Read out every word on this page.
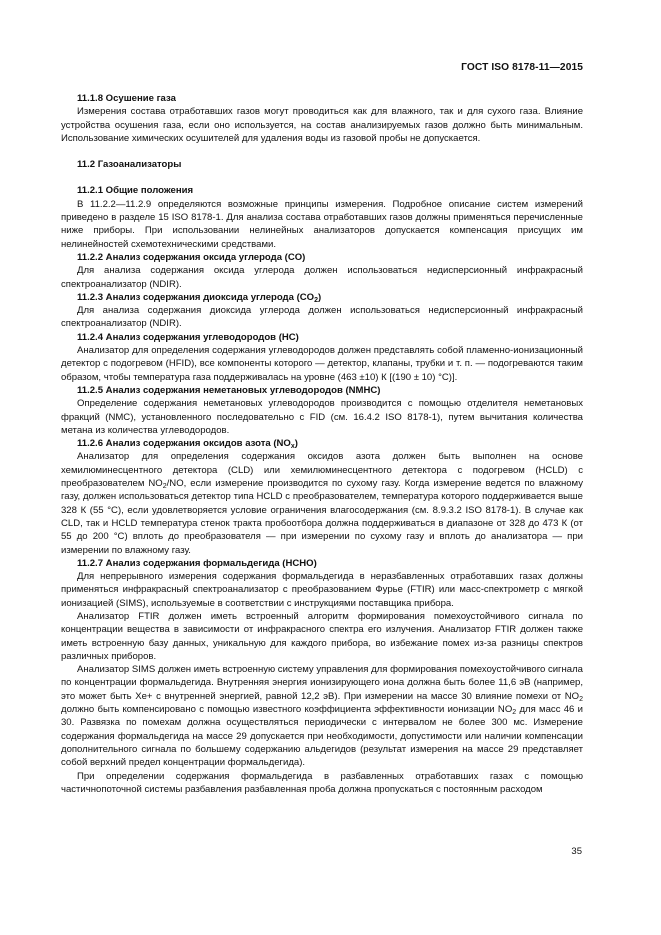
ГОСТ ISO 8178-11—2015
11.1.8 Осушение газа
Измерения состава отработавших газов могут проводиться как для влажного, так и для сухого газа. Влияние устройства осушения газа, если оно используется, на состав анализируемых газов должно быть минимальным. Использование химических осушителей для удаления воды из газовой пробы не допускается.
11.2 Газоанализаторы
11.2.1 Общие положения
В 11.2.2—11.2.9 определяются возможные принципы измерения. Подробное описание систем измерений приведено в разделе 15 ISO 8178-1. Для анализа состава отработавших газов должны применяться перечисленные ниже приборы. При использовании нелинейных анализаторов допускается компенсация присущих им нелинейностей схемотехническими средствами.
11.2.2 Анализ содержания оксида углерода (CO)
Для анализа содержания оксида углерода должен использоваться недисперсионный инфракрасный спектроанализатор (NDIR).
11.2.3 Анализ содержания диоксида углерода $(CO_2)$
Для анализа содержания диоксида углерода должен использоваться недисперсионный инфракрасный спектроанализатор (NDIR).
11.2.4 Анализ содержания углеводородов (HC)
Анализатор для определения содержания углеводородов должен представлять собой пламенно-ионизационный детектор с подогревом (HFID), все компоненты которого — детектор, клапаны, трубки и т. п. — подогреваются таким образом, чтобы температура газа поддерживалась на уровне (463 ±10) К [(190 ± 10) °C)].
11.2.5 Анализ содержания неметановых углеводородов (NMHC)
Определение содержания неметановых углеводородов производится с помощью отделителя неметановых фракций (NMC), установленного последовательно с FID (см. 16.4.2 ISO 8178-1), путем вычитания количества метана из количества углеводородов.
11.2.6 Анализ содержания оксидов азота $(NO_x)$
Анализатор для определения содержания оксидов азота должен быть выполнен на основе хемилюминесцентного детектора (CLD) или хемилюминесцентного детектора с подогревом (HCLD) с преобразователем $NO_2/NO$, если измерение производится по сухому газу. Когда измерение ведется по влажному газу, должен использоваться детектор типа HCLD с преобразователем, температура которого поддерживается выше 328 К (55 °C), если удовлетворяется условие ограничения влагосодержания (см. 8.9.3.2 ISO 8178-1). В случае как CLD, так и HCLD температура стенок тракта пробоотбора должна поддерживаться в диапазоне от 328 до 473 К (от 55 до 200 °C) вплоть до преобразователя — при измерении по сухому газу и вплоть до анализатора — при измерении по влажному газу.
11.2.7 Анализ содержания формальдегида (HCHO)
Для непрерывного измерения содержания формальдегида в неразбавленных отработавших газах должны применяться инфракрасный спектроанализатор с преобразованием Фурье (FTIR) или масс-спектрометр с мягкой ионизацией (SIMS), используемые в соответствии с инструкциями поставщика прибора.
Анализатор FTIR должен иметь встроенный алгоритм формирования помехоустойчивого сигнала по концентрации вещества в зависимости от инфракрасного спектра его излучения. Анализатор FTIR должен также иметь встроенную базу данных, уникальную для каждого прибора, во избежание помех из-за разницы спектров различных приборов.
Анализатор SIMS должен иметь встроенную систему управления для формирования помехоустойчивого сигнала по концентрации формальдегида. Внутренняя энергия ионизирующего иона должна быть более 11,6 эВ (например, это может быть Xe+ с внутренней энергией, равной 12,2 эВ). При измерении на массе 30 влияние помехи от $NO_2$ должно быть компенсировано с помощью известного коэффициента эффективности ионизации $NO_2$ для масс 46 и 30. Развязка по помехам должна осуществляться периодически с интервалом не более 300 мс. Измерение содержания формальдегида на массе 29 допускается при необходимости, допустимости или наличии компенсации дополнительного сигнала по большему содержанию альдегидов (результат измерения на массе 29 представляет собой верхний предел концентрации формальдегида).
При определении содержания формальдегида в разбавленных отработавших газах с помощью частичнопоточной системы разбавления разбавленная проба должна пропускаться с постоянным расходом
35
